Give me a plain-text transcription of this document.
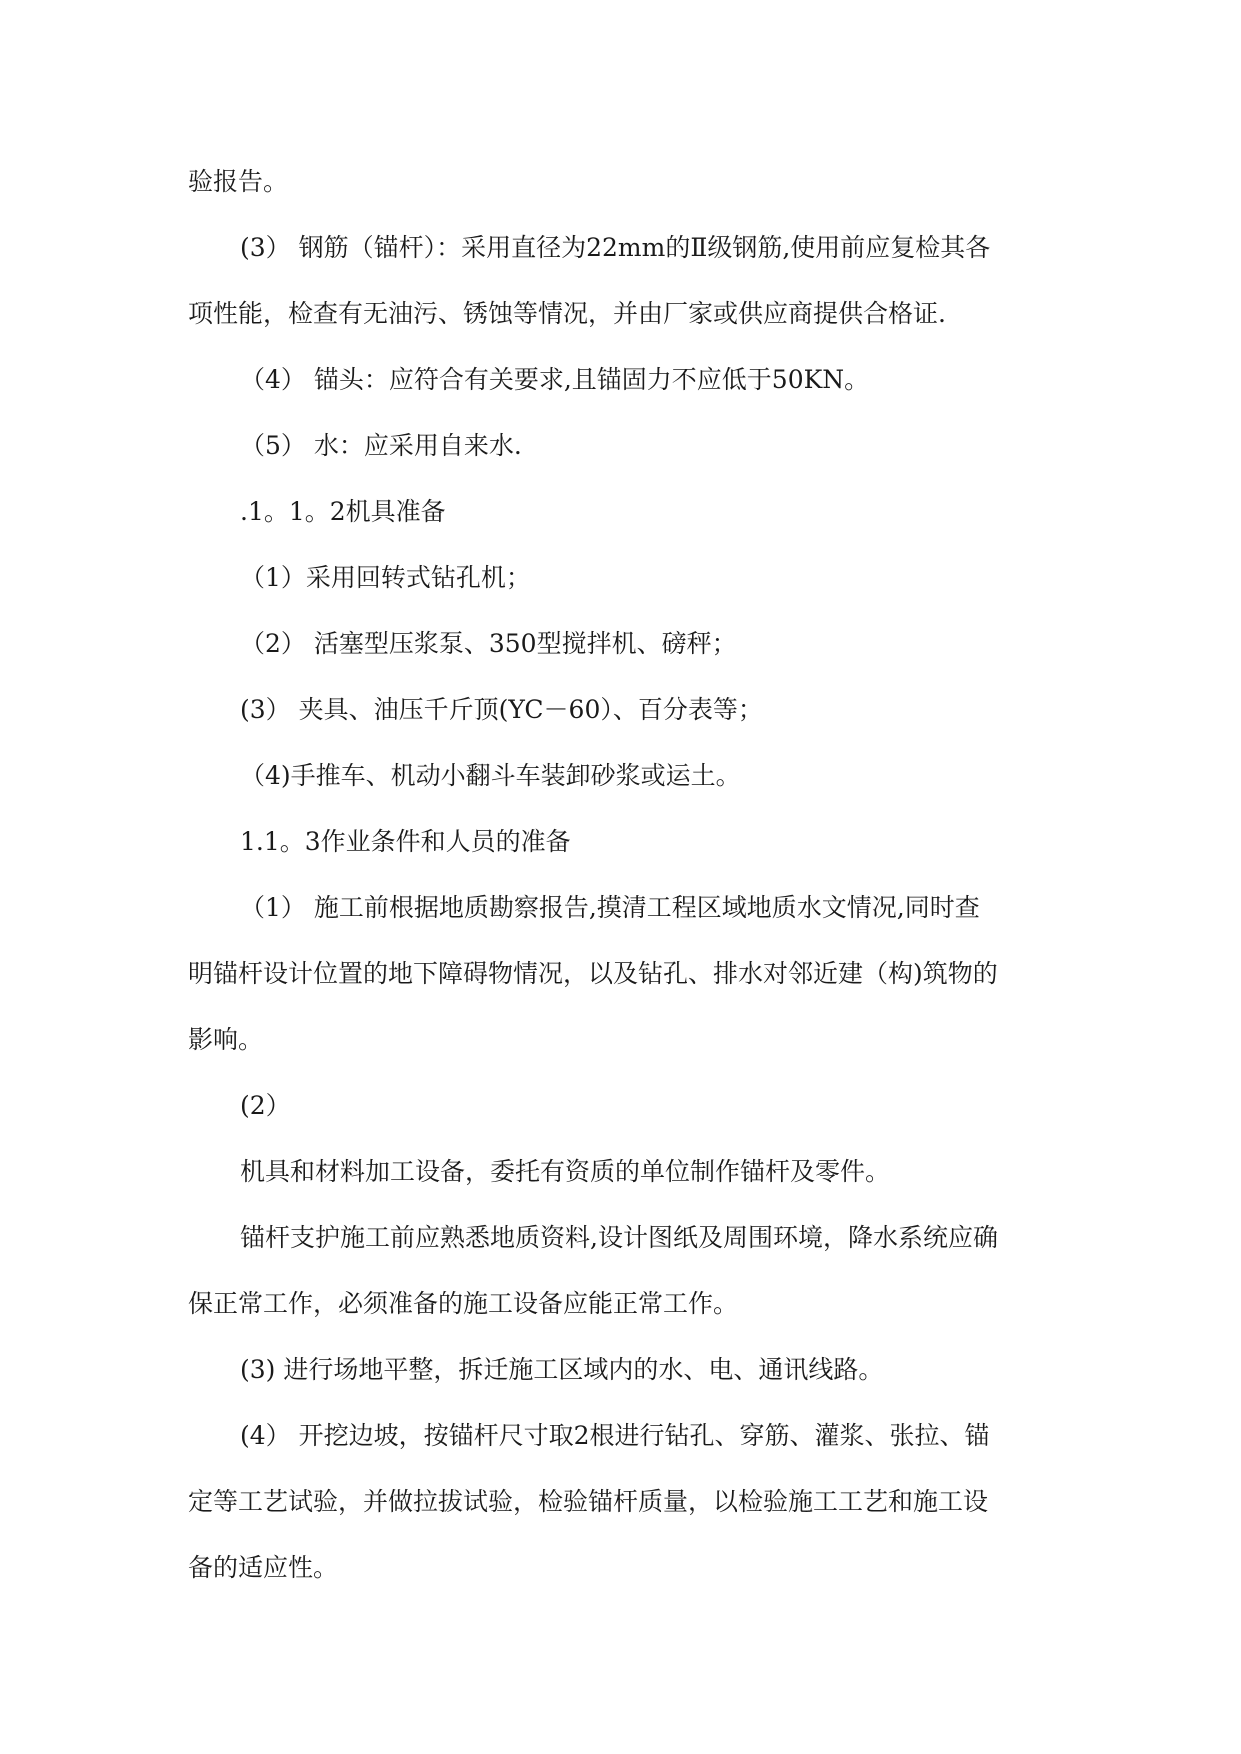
验报告。
(3） 钢筋（锚杆）：采用直径为22mm的Ⅱ级钢筋,使用前应复检其各
项性能，检查有无油污、锈蚀等情况，并由厂家或供应商提供合格证.
（4） 锚头：应符合有关要求,且锚固力不应低于50KN。
（5） 水：应采用自来水.
.1。1。2机具准备
（1）采用回转式钻孔机；
（2） 活塞型压浆泵、350型搅拌机、磅秤；
(3） 夹具、油压千斤顶(YC－60）、百分表等；
（4)手推车、机动小翻斗车装卸砂浆或运土。
1.1。3作业条件和人员的准备
（1） 施工前根据地质勘察报告,摸清工程区域地质水文情况,同时查
明锚杆设计位置的地下障碍物情况，以及钻孔、排水对邻近建（构)筑物的
影响。
(2）
机具和材料加工设备，委托有资质的单位制作锚杆及零件。
锚杆支护施工前应熟悉地质资料,设计图纸及周围环境，降水系统应确
保正常工作，必须准备的施工设备应能正常工作。
(3) 进行场地平整，拆迁施工区域内的水、电、通讯线路。
(4） 开挖边坡，按锚杆尺寸取2根进行钻孔、穿筋、灌浆、张拉、锚
定等工艺试验，并做拉拔试验，检验锚杆质量，以检验施工工艺和施工设
备的适应性。
